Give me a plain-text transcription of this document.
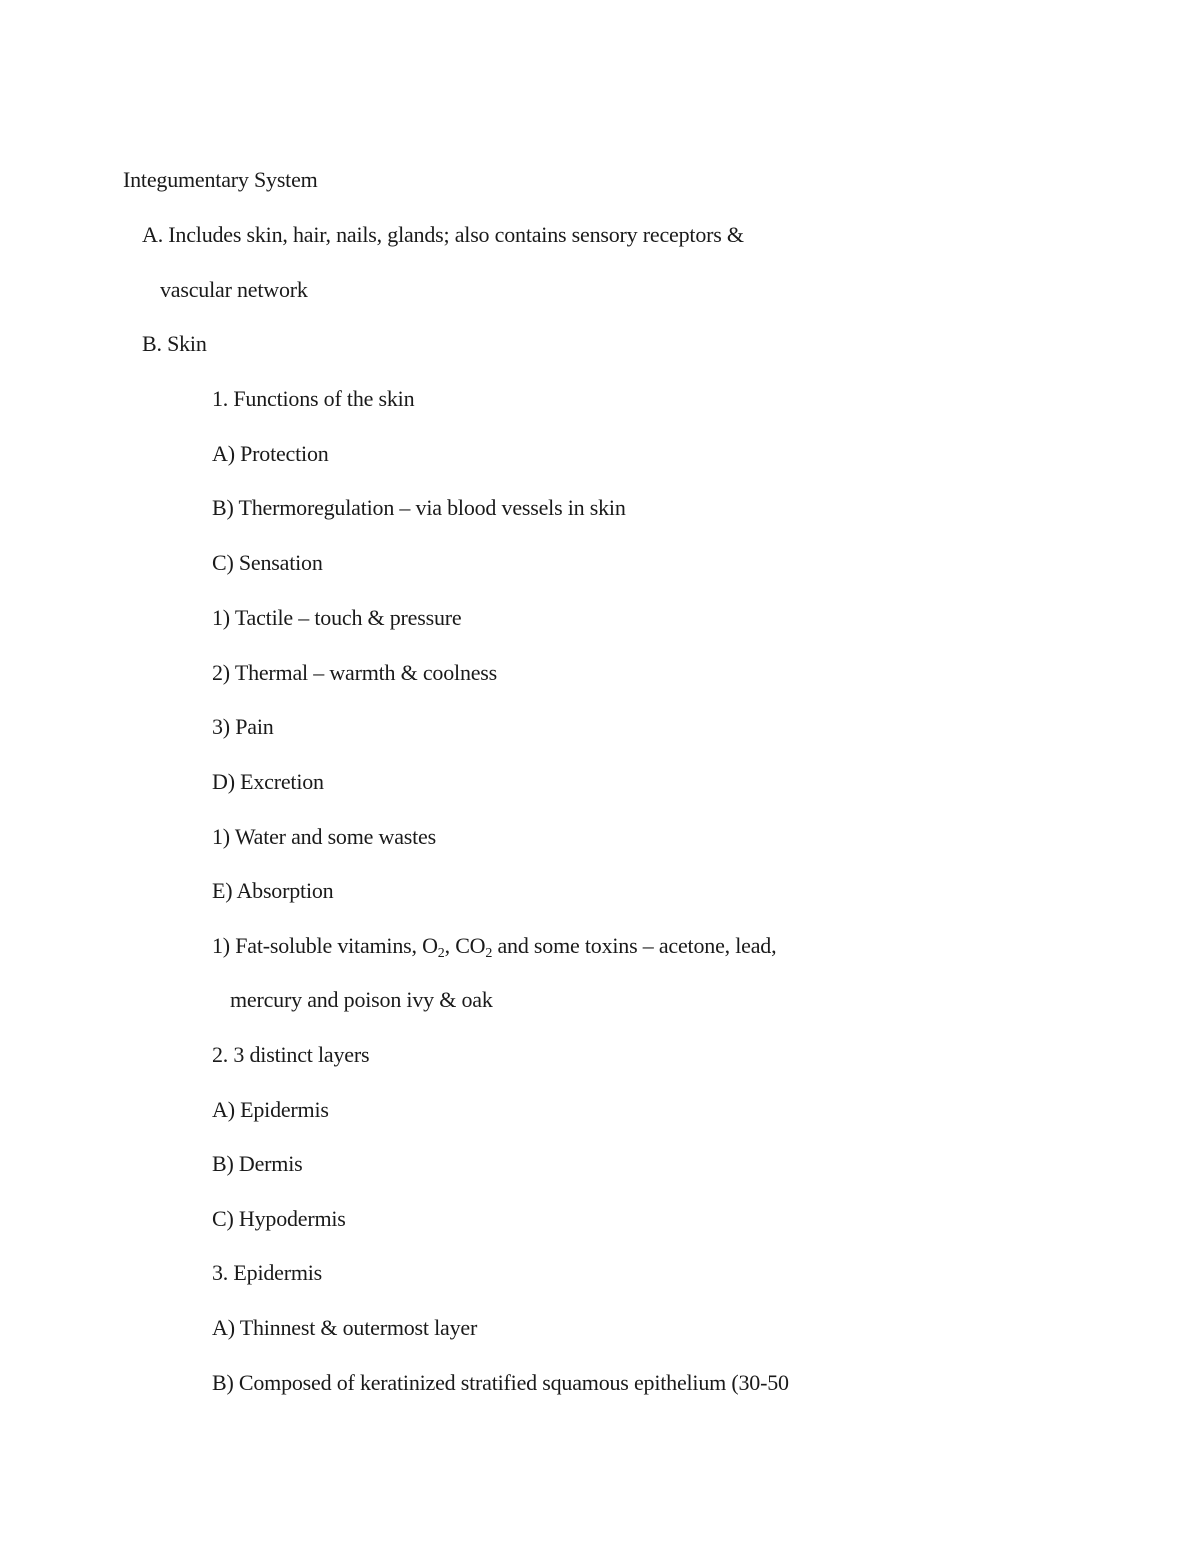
Integumentary System
A. Includes skin, hair, nails, glands; also contains sensory receptors &
vascular network
B. Skin
1. Functions of the skin
A) Protection
B) Thermoregulation – via blood vessels in skin
C) Sensation
1) Tactile – touch & pressure
2) Thermal – warmth & coolness
3) Pain
D) Excretion
1) Water and some wastes
E) Absorption
1) Fat-soluble vitamins, $O_2$, $CO_2$ and some toxins – acetone, lead,
mercury and poison ivy & oak
2. 3 distinct layers
A) Epidermis
B) Dermis
C) Hypodermis
3. Epidermis
A) Thinnest & outermost layer
B) Composed of keratinized stratified squamous epithelium (30-50
